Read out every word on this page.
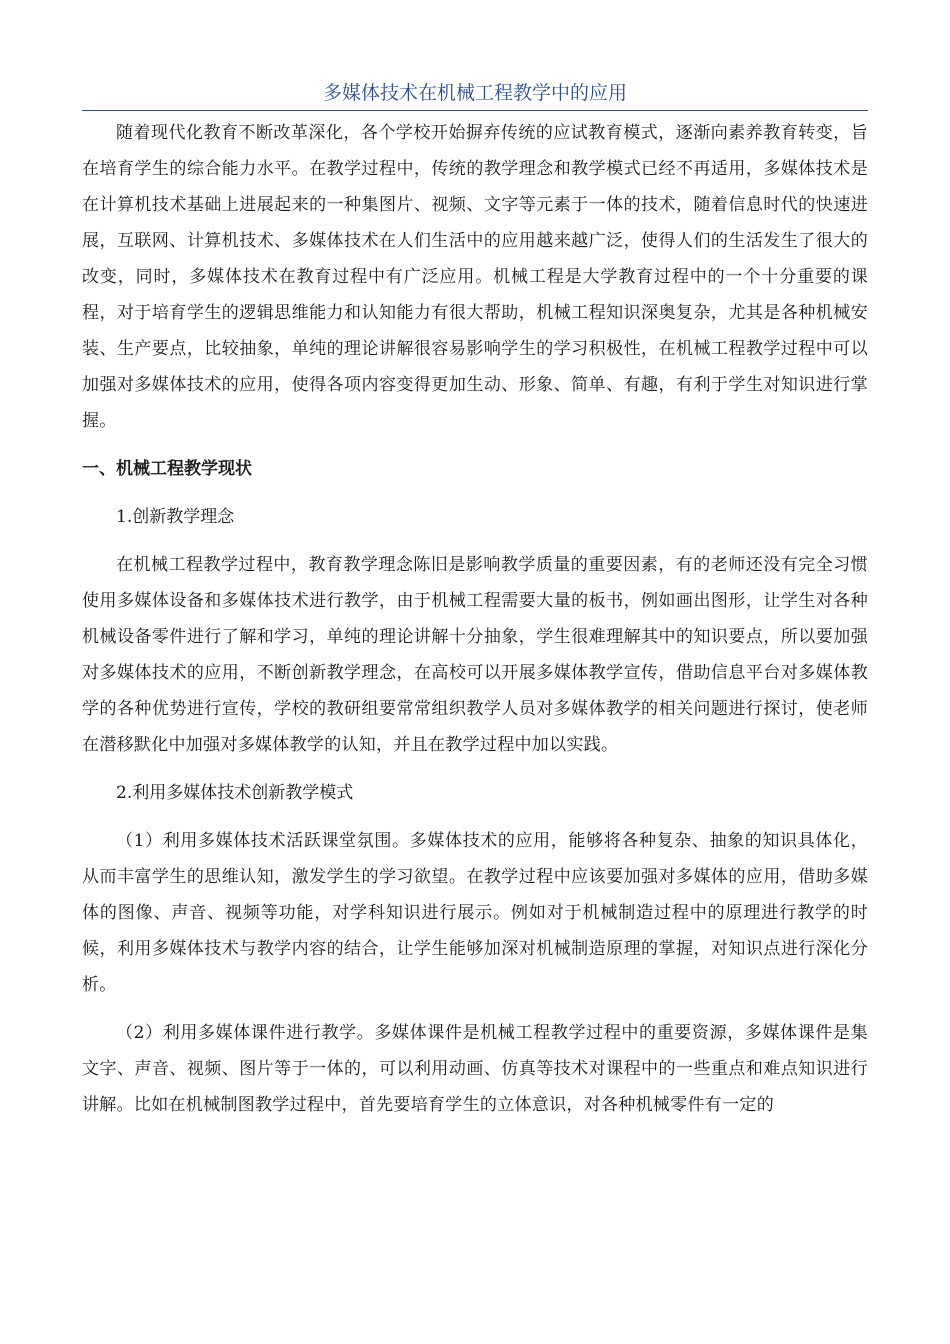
多媒体技术在机械工程教学中的应用

随着现代化教育不断改革深化，各个学校开始摒弃传统的应试教育模式，逐渐向素养教育转变，旨在培育学生的综合能力水平。在教学过程中，传统的教学理念和教学模式已经不再适用，多媒体技术是在计算机技术基础上进展起来的一种集图片、视频、文字等元素于一体的技术，随着信息时代的快速进展，互联网、计算机技术、多媒体技术在人们生活中的应用越来越广泛，使得人们的生活发生了很大的改变，同时，多媒体技术在教育过程中有广泛应用。机械工程是大学教育过程中的一个十分重要的课程，对于培育学生的逻辑思维能力和认知能力有很大帮助，机械工程知识深奥复杂，尤其是各种机械安装、生产要点，比较抽象，单纯的理论讲解很容易影响学生的学习积极性，在机械工程教学过程中可以加强对多媒体技术的应用，使得各项内容变得更加生动、形象、简单、有趣，有利于学生对知识进行掌握。

一、机械工程教学现状
1.创新教学理念

在机械工程教学过程中，教育教学理念陈旧是影响教学质量的重要因素，有的老师还没有完全习惯使用多媒体设备和多媒体技术进行教学，由于机械工程需要大量的板书，例如画出图形，让学生对各种机械设备零件进行了解和学习，单纯的理论讲解十分抽象，学生很难理解其中的知识要点，所以要加强对多媒体技术的应用，不断创新教学理念，在高校可以开展多媒体教学宣传，借助信息平台对多媒体教学的各种优势进行宣传，学校的教研组要常常组织教学人员对多媒体教学的相关问题进行探讨，使老师在潜移默化中加强对多媒体教学的认知，并且在教学过程中加以实践。

2.利用多媒体技术创新教学模式

（1）利用多媒体技术活跃课堂氛围。多媒体技术的应用，能够将各种复杂、抽象的知识具体化，从而丰富学生的思维认知，激发学生的学习欲望。在教学过程中应该要加强对多媒体的应用，借助多媒体的图像、声音、视频等功能，对学科知识进行展示。例如对于机械制造过程中的原理进行教学的时候，利用多媒体技术与教学内容的结合，让学生能够加深对机械制造原理的掌握，对知识点进行深化分析。

（2）利用多媒体课件进行教学。多媒体课件是机械工程教学过程中的重要资源，多媒体课件是集文字、声音、视频、图片等于一体的，可以利用动画、仿真等技术对课程中的一些重点和难点知识进行讲解。比如在机械制图教学过程中，首先要培育学生的立体意识，对各种机械零件有一定的
